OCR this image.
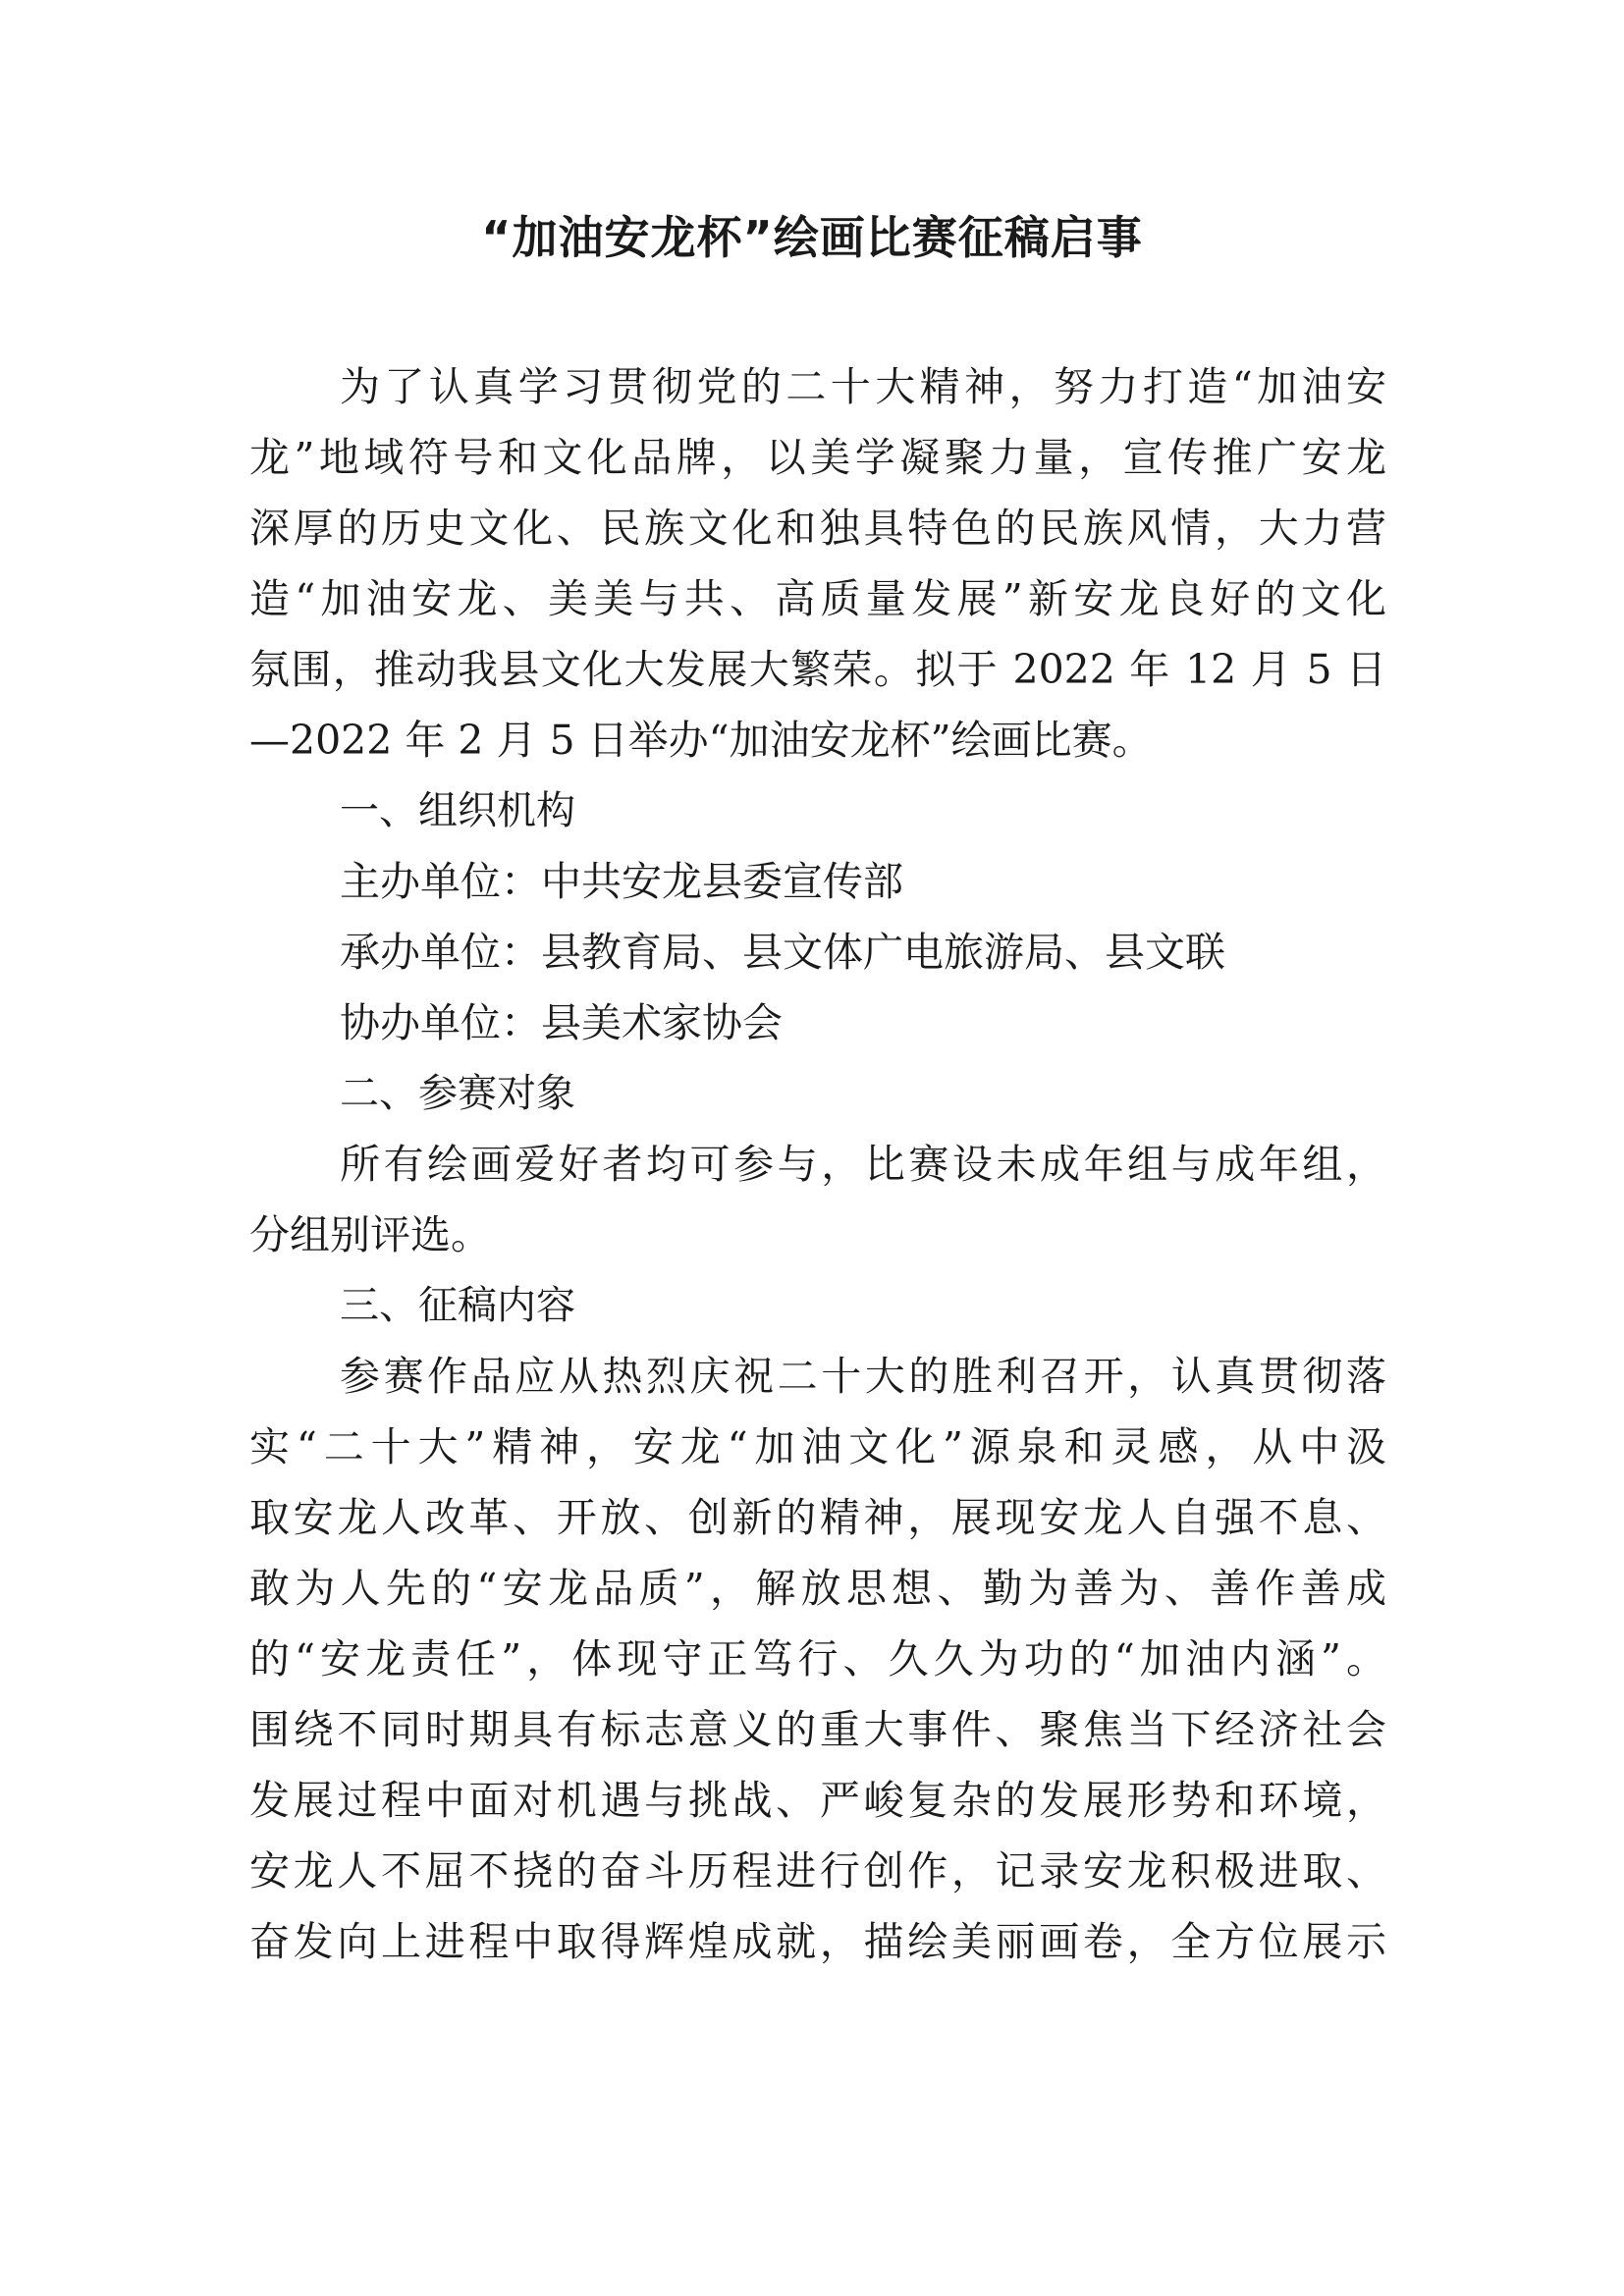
“加油安龙杯”绘画比赛征稿启事
为了认真学习贯彻党的二十大精神，努力打造“加油安
龙”地域符号和文化品牌，以美学凝聚力量，宣传推广安龙
深厚的历史文化、民族文化和独具特色的民族风情，大力营
造“加油安龙、美美与共、高质量发展”新安龙良好的文化
氛围，推动我县文化大发展大繁荣。拟于 2022 年 12 月 5 日
—2022 年 2 月 5 日举办“加油安龙杯”绘画比赛。
一、组织机构
主办单位：中共安龙县委宣传部
承办单位：县教育局、县文体广电旅游局、县文联
协办单位：县美术家协会
二、参赛对象
所有绘画爱好者均可参与，比赛设未成年组与成年组，
分组别评选。
三、征稿内容
参赛作品应从热烈庆祝二十大的胜利召开，认真贯彻落
实“二十大”精神，安龙“加油文化”源泉和灵感，从中汲
取安龙人改革、开放、创新的精神，展现安龙人自强不息、
敢为人先的“安龙品质”，解放思想、勤为善为、善作善成
的“安龙责任”，体现守正笃行、久久为功的“加油内涵”。
围绕不同时期具有标志意义的重大事件、聚焦当下经济社会
发展过程中面对机遇与挑战、严峻复杂的发展形势和环境，
安龙人不屈不挠的奋斗历程进行创作，记录安龙积极进取、
奋发向上进程中取得辉煌成就，描绘美丽画卷，全方位展示
